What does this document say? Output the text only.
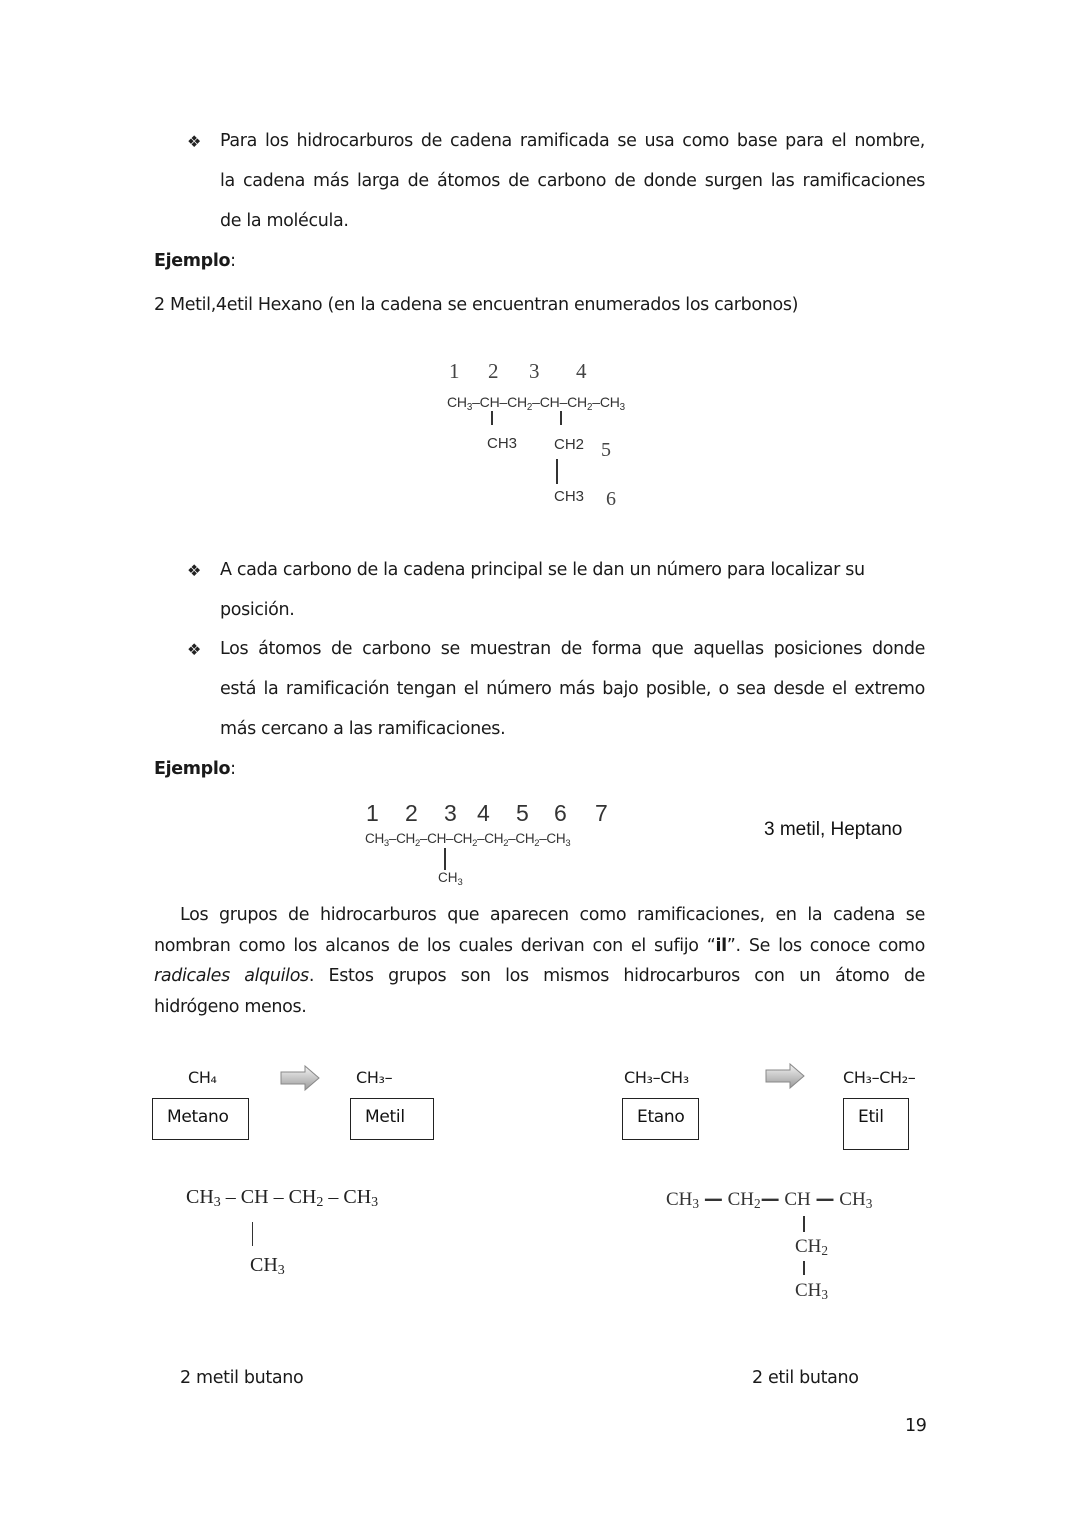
❖ Para los hidrocarburos de cadena ramificada se usa como base para el nombre,
la cadena más larga de átomos de carbono de donde surgen las ramificaciones
de la molécula.
Ejemplo:
2 Metil,4etil Hexano (en la cadena se encuentran enumerados los carbonos)
1 2 3 4
$CH_3-CH-CH_2-CH-CH_2-CH_3$
CH3 CH2 5
CH3 6
❖ A cada carbono de la cadena principal se le dan un número para localizar su
posición.
❖ Los átomos de carbono se muestran de forma que aquellas posiciones donde
está la ramificación tengan el número más bajo posible, o sea desde el extremo
más cercano a las ramificaciones.
Ejemplo:
1 2 3 4 5 6 7
$CH_3-CH_2-CH-CH_2-CH_2-CH_2-CH_3$
$CH_3$
3 metil, Heptano
Los grupos de hidrocarburos que aparecen como ramificaciones, en la cadena se
nombran como los alcanos de los cuales derivan con el sufijo “il”. Se los conoce como
radicales alquilos. Estos grupos son los mismos hidrocarburos con un átomo de
hidrógeno menos.
CH₄
Metano
CH₃–
Metil
CH₃–CH₃
Etano
CH₃–CH₂–
Etil
$CH_3$ – CH – $CH_2 - CH_3$
$CH_3$
2 metil butano
$CH_3$ — $CH_2—$ CH — $CH_3$
$CH_2$
$CH_3$
2 etil butano
19
